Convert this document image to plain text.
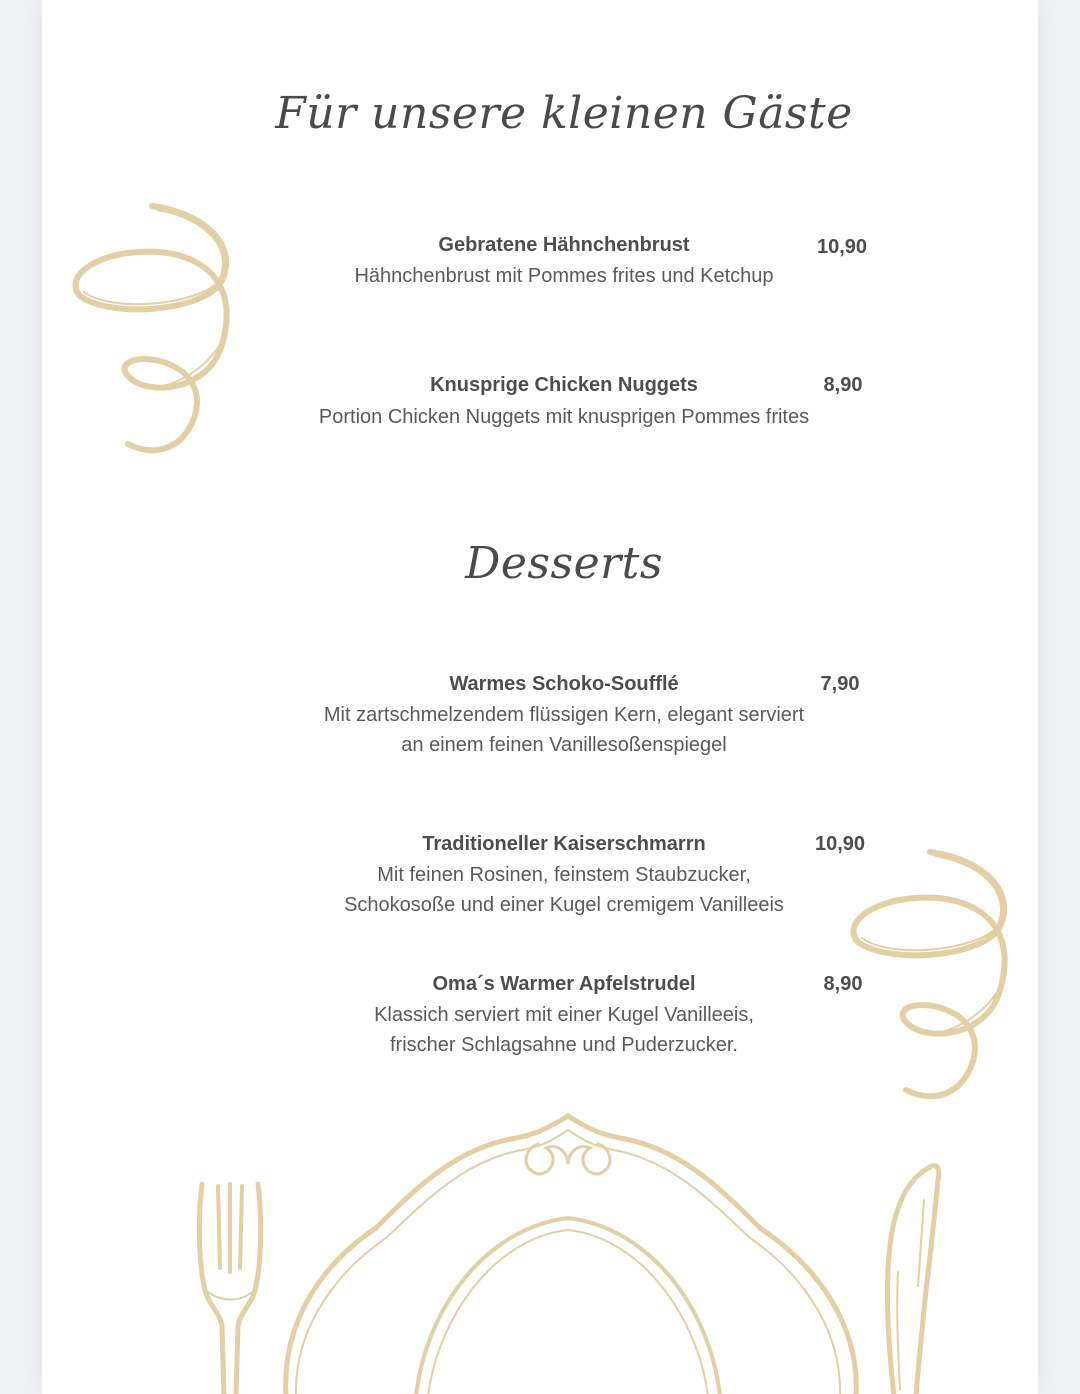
Für unsere kleinen Gäste
Gebratene Hähnchenbrust	10,90
Hähnchenbrust mit Pommes frites und Ketchup
Knusprige Chicken Nuggets	8,90
Portion Chicken Nuggets mit knusprigen Pommes frites
Desserts
Warmes Schoko-Soufflé	7,90
Mit zartschmelzendem flüssigen Kern, elegant serviert
an einem feinen Vanillesoßenspiegel
Traditioneller Kaiserschmarrn	10,90
Mit feinen Rosinen, feinstem Staubzucker,
Schokosoße und einer Kugel cremigem Vanilleeis
Oma´s Warmer Apfelstrudel	8,90
Klassich serviert mit einer Kugel Vanilleeis,
frischer Schlagsahne und Puderzucker.
